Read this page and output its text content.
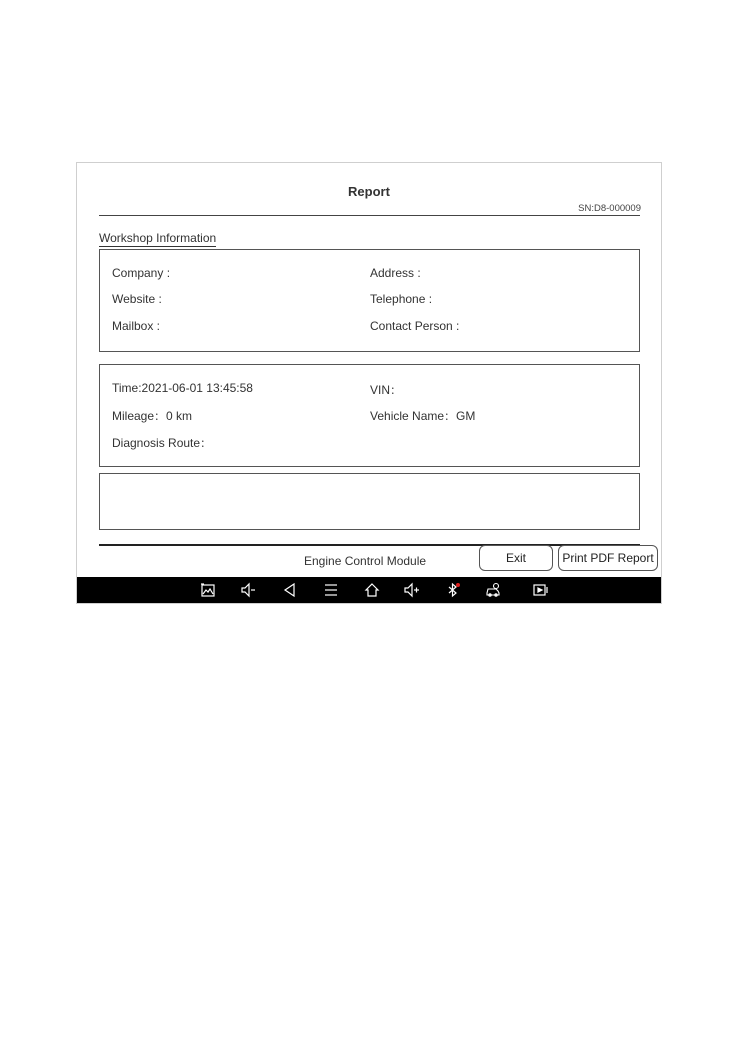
Report
SN:D8-000009
Workshop Information
Company :	Address :
Website :	Telephone :
Mailbox :	Contact Person :
Time:2021-06-01 13:45:58	VIN：
Mileage：0 km	Vehicle Name：GM
Diagnosis Route：
Engine Control Module	Exit	Print PDF Report
